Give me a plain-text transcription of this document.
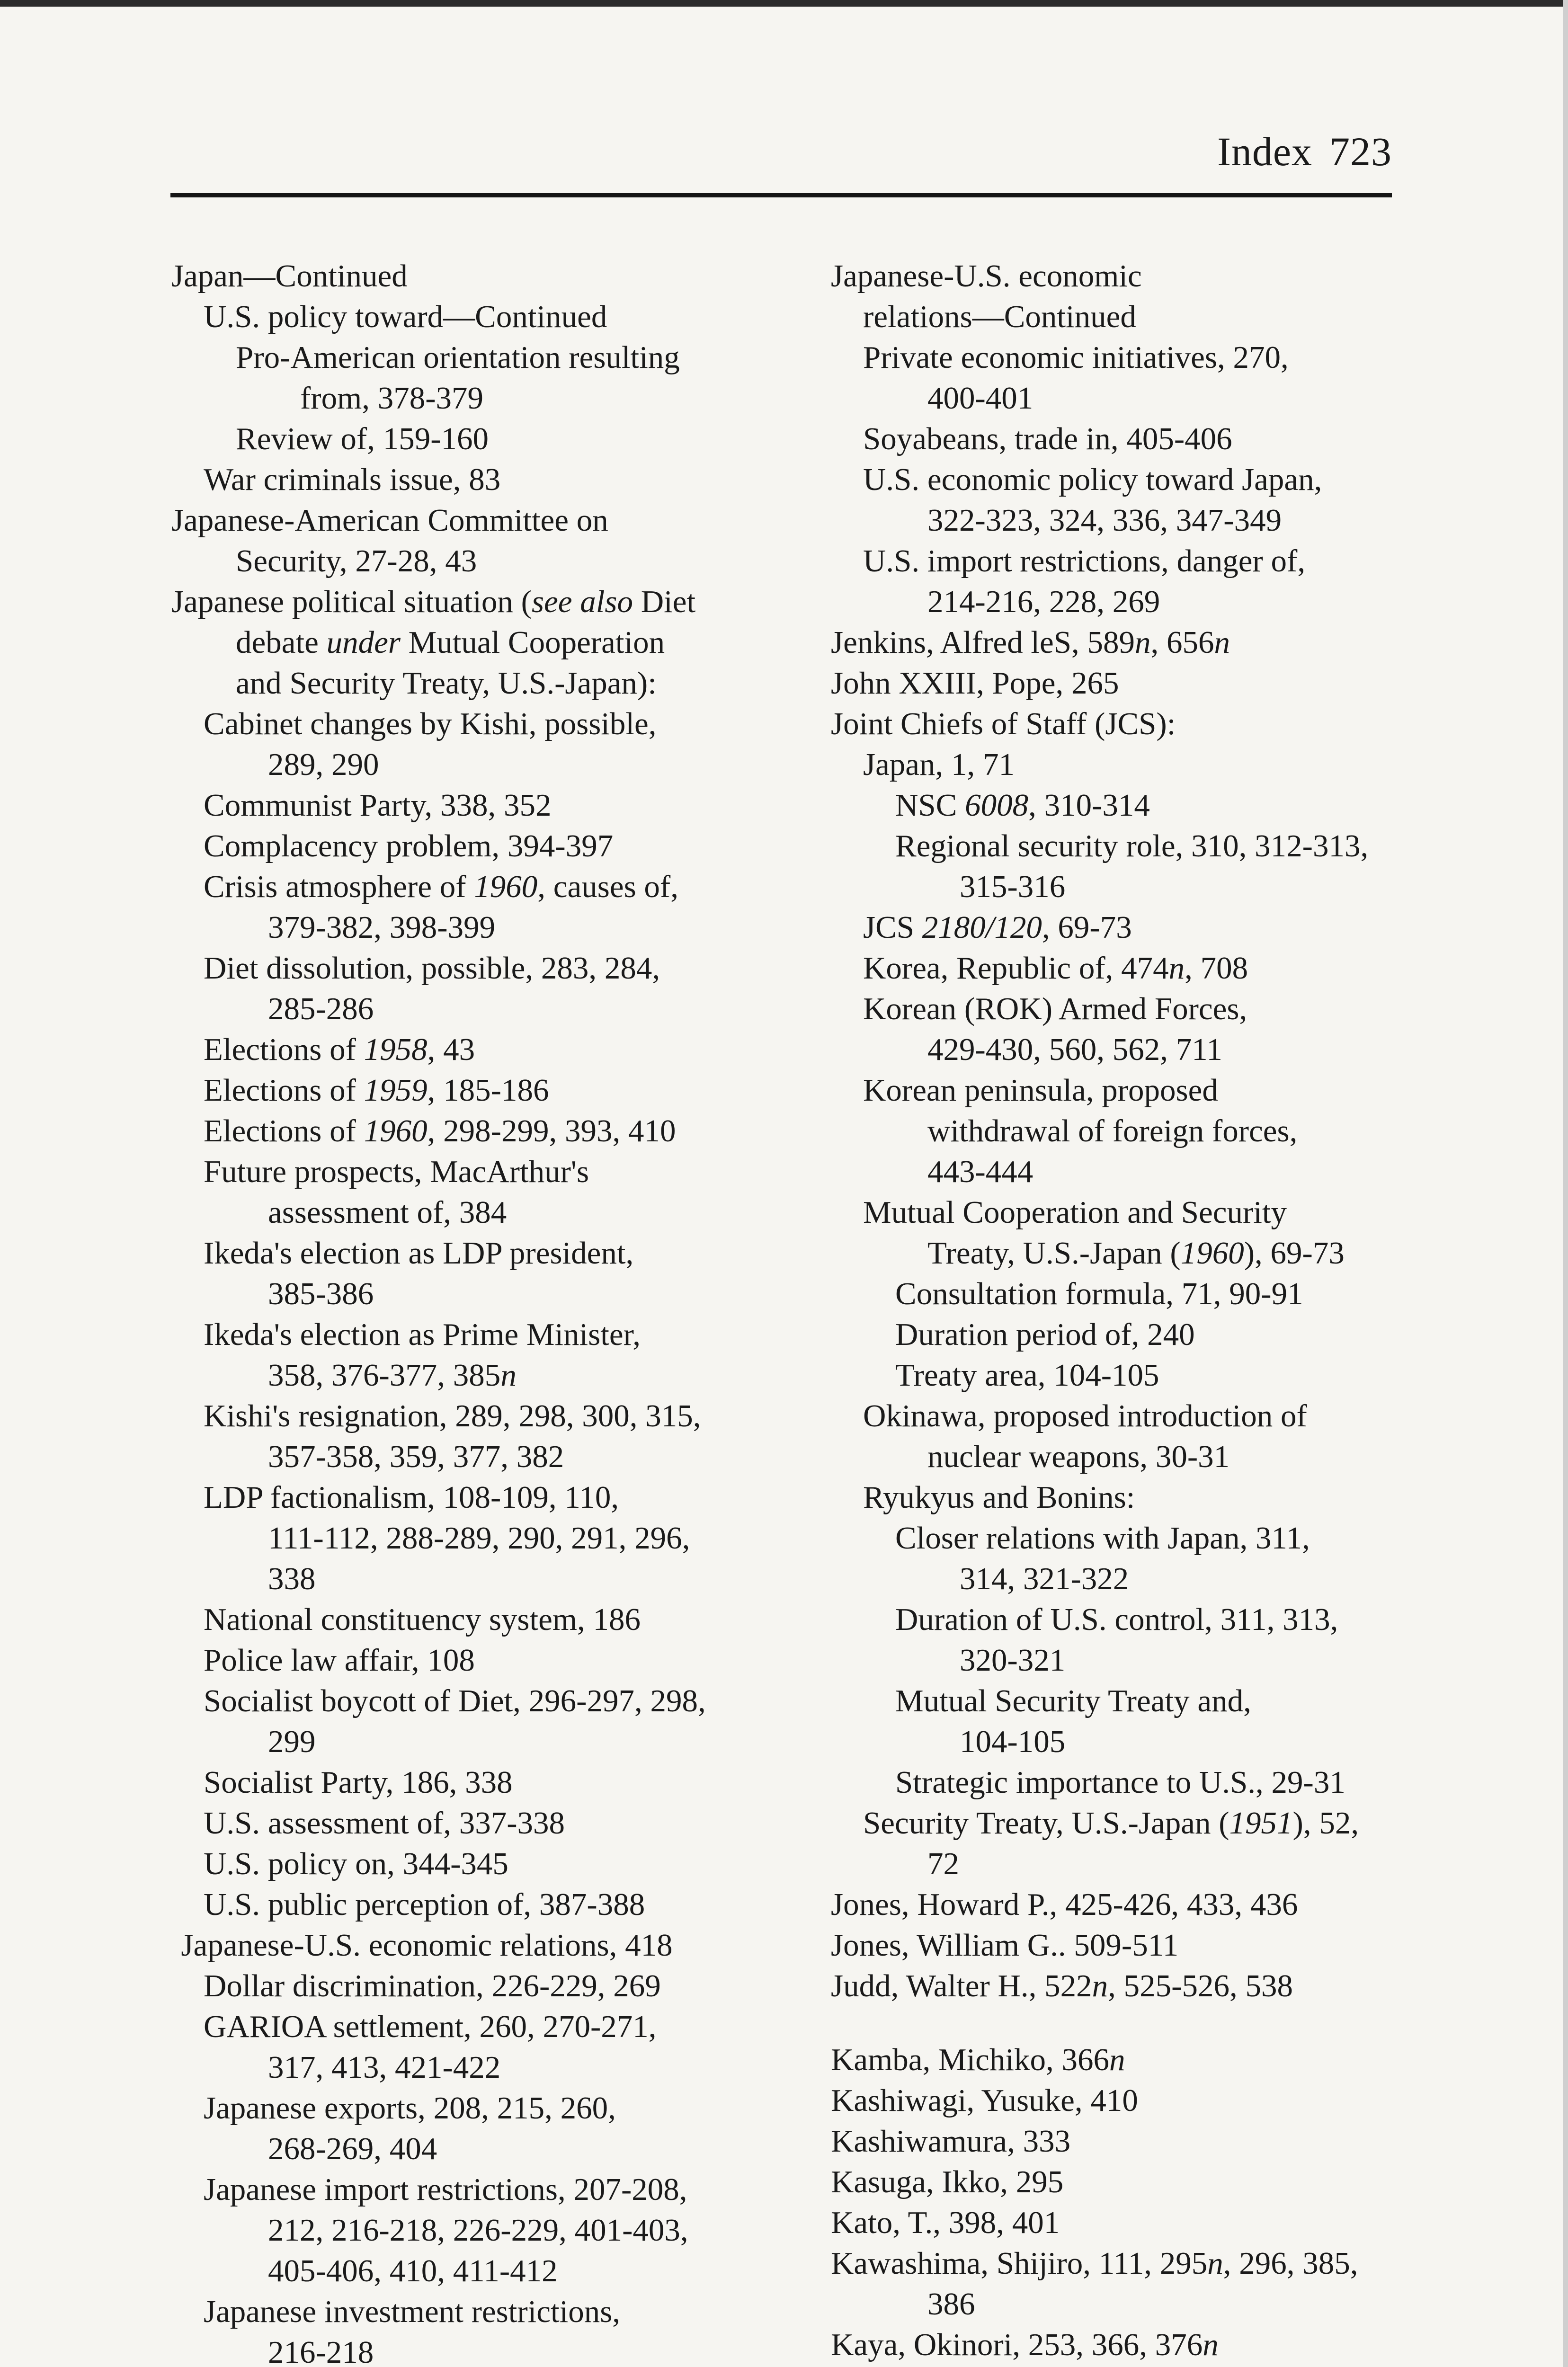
Index 723
Japan—Continued
U.S. policy toward—Continued
Pro-American orientation resulting
from, 378-379
Review of, 159-160
War criminals issue, 83
Japanese-American Committee on
Security, 27-28, 43
Japanese political situation (see also Diet
debate under Mutual Cooperation
and Security Treaty, U.S.-Japan):
Cabinet changes by Kishi, possible,
289, 290
Communist Party, 338, 352
Complacency problem, 394-397
Crisis atmosphere of 1960, causes of,
379-382, 398-399
Diet dissolution, possible, 283, 284,
285-286
Elections of 1958, 43
Elections of 1959, 185-186
Elections of 1960, 298-299, 393, 410
Future prospects, MacArthur's
assessment of, 384
Ikeda's election as LDP president,
385-386
Ikeda's election as Prime Minister,
358, 376-377, 385n
Kishi's resignation, 289, 298, 300, 315,
357-358, 359, 377, 382
LDP factionalism, 108-109, 110,
111-112, 288-289, 290, 291, 296,
338
National constituency system, 186
Police law affair, 108
Socialist boycott of Diet, 296-297, 298,
299
Socialist Party, 186, 338
U.S. assessment of, 337-338
U.S. policy on, 344-345
U.S. public perception of, 387-388
Japanese-U.S. economic relations, 418
Dollar discrimination, 226-229, 269
GARIOA settlement, 260, 270-271,
317, 413, 421-422
Japanese exports, 208, 215, 260,
268-269, 404
Japanese import restrictions, 207-208,
212, 216-218, 226-229, 401-403,
405-406, 410, 411-412
Japanese investment restrictions,
216-218
Japanese-U.S. economic
relations—Continued
Private economic initiatives, 270,
400-401
Soyabeans, trade in, 405-406
U.S. economic policy toward Japan,
322-323, 324, 336, 347-349
U.S. import restrictions, danger of,
214-216, 228, 269
Jenkins, Alfred leS, 589n, 656n
John XXIII, Pope, 265
Joint Chiefs of Staff (JCS):
Japan, 1, 71
NSC 6008, 310-314
Regional security role, 310, 312-313,
315-316
JCS 2180/120, 69-73
Korea, Republic of, 474n, 708
Korean (ROK) Armed Forces,
429-430, 560, 562, 711
Korean peninsula, proposed
withdrawal of foreign forces,
443-444
Mutual Cooperation and Security
Treaty, U.S.-Japan (1960), 69-73
Consultation formula, 71, 90-91
Duration period of, 240
Treaty area, 104-105
Okinawa, proposed introduction of
nuclear weapons, 30-31
Ryukyus and Bonins:
Closer relations with Japan, 311,
314, 321-322
Duration of U.S. control, 311, 313,
320-321
Mutual Security Treaty and,
104-105
Strategic importance to U.S., 29-31
Security Treaty, U.S.-Japan (1951), 52,
72
Jones, Howard P., 425-426, 433, 436
Jones, William G.. 509-511
Judd, Walter H., 522n, 525-526, 538
Kamba, Michiko, 366n
Kashiwagi, Yusuke, 410
Kashiwamura, 333
Kasuga, Ikko, 295
Kato, T., 398, 401
Kawashima, Shijiro, 111, 295n, 296, 385,
386
Kaya, Okinori, 253, 366, 376n
